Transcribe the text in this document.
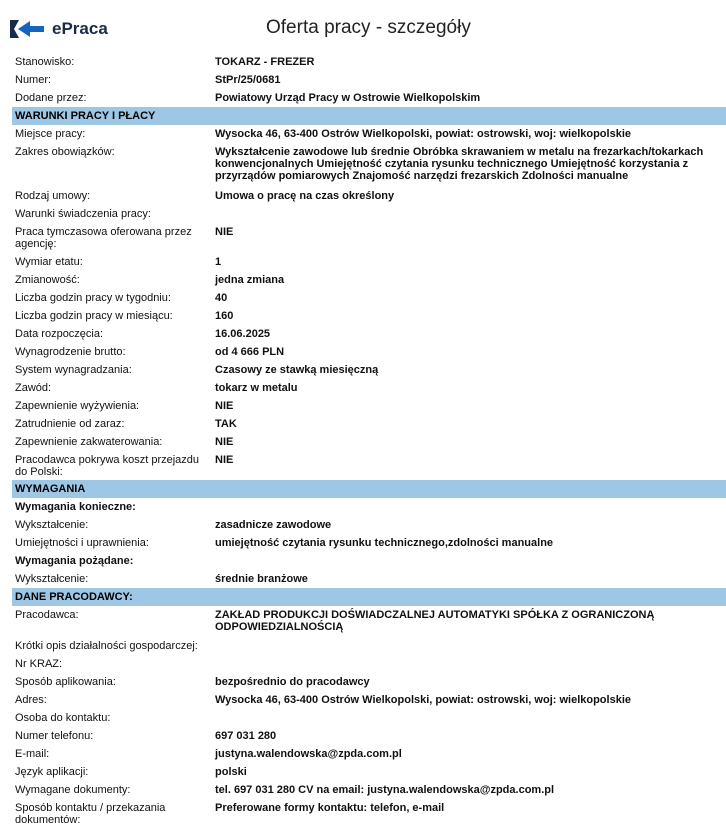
ePraca	Oferta pracy - szczegóły
Stanowisko:	TOKARZ - FREZER
Numer:	StPr/25/0681
Dodane przez:	Powiatowy Urząd Pracy w Ostrowie Wielkopolskim
WARUNKI PRACY I PŁACY
Miejsce pracy:	Wysocka 46, 63-400 Ostrów Wielkopolski, powiat: ostrowski, woj: wielkopolskie
Zakres obowiązków:	Wykształcenie zawodowe lub średnie Obróbka skrawaniem w metalu na frezarkach/tokarkach konwencjonalnych Umiejętność czytania rysunku technicznego Umiejętność korzystania z przyrządów pomiarowych Znajomość narzędzi frezarskich Zdolności manualne
Rodzaj umowy:	Umowa o pracę na czas określony
Warunki świadczenia pracy:
Praca tymczasowa oferowana przez agencję:
NIE
Wymiar etatu:	1
Zmianowość:	jedna zmiana
Liczba godzin pracy w tygodniu:	40
Liczba godzin pracy w miesiącu:	160
Data rozpoczęcia:	16.06.2025
Wynagrodzenie brutto:	od 4 666 PLN
System wynagradzania:	Czasowy ze stawką miesięczną
Zawód:	tokarz w metalu
Zapewnienie wyżywienia:	NIE
Zatrudnienie od zaraz:	TAK
Zapewnienie zakwaterowania:	NIE
Pracodawca pokrywa koszt przejazdu do Polski:
NIE
WYMAGANIA
Wymagania konieczne:
Wykształcenie:	zasadnicze zawodowe
Umiejętności i uprawnienia:	umiejętność czytania rysunku technicznego,zdolności manualne
Wymagania pożądane:
Wykształcenie:	średnie branżowe
DANE PRACODAWCY:
Pracodawca:	ZAKŁAD PRODUKCJI DOŚWIADCZALNEJ AUTOMATYKI SPÓŁKA Z OGRANICZONĄ ODPOWIEDZIALNOŚCIĄ
Krótki opis działalności gospodarczej:
Nr KRAZ:
Sposób aplikowania:	bezpośrednio do pracodawcy
Adres:	Wysocka 46, 63-400 Ostrów Wielkopolski, powiat: ostrowski, woj: wielkopolskie
Osoba do kontaktu:
Numer telefonu:	697 031 280
E-mail:	justyna.walendowska@zpda.com.pl
Język aplikacji:	polski
Wymagane dokumenty:	tel. 697 031 280 CV na email: justyna.walendowska@zpda.com.pl
Sposób kontaktu / przekazania dokumentów:
Preferowane formy kontaktu: telefon, e-mail
